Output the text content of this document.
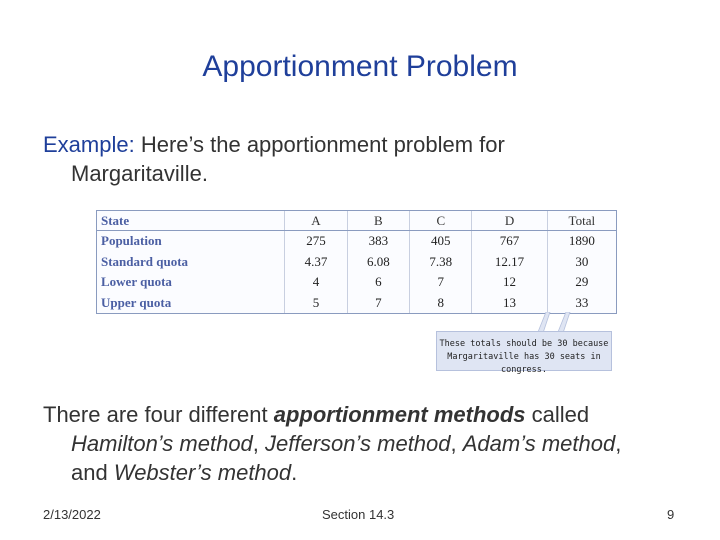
Apportionment Problem
Example: Here’s the apportionment problem for
Margaritaville.
State	A	B	C	D	Total
Population	275	383	405	767	1890
Standard quota	4.37	6.08	7.38	12.17	30
Lower quota	4	6	7	12	29
Upper quota	5	7	8	13	33
These totals should be 30 because
Margaritaville has 30 seats in congress.
There are four different apportionment methods called
Hamilton’s method, Jefferson’s method, Adam’s method,
and Webster’s method.
2/13/2022	Section 14.3	9
